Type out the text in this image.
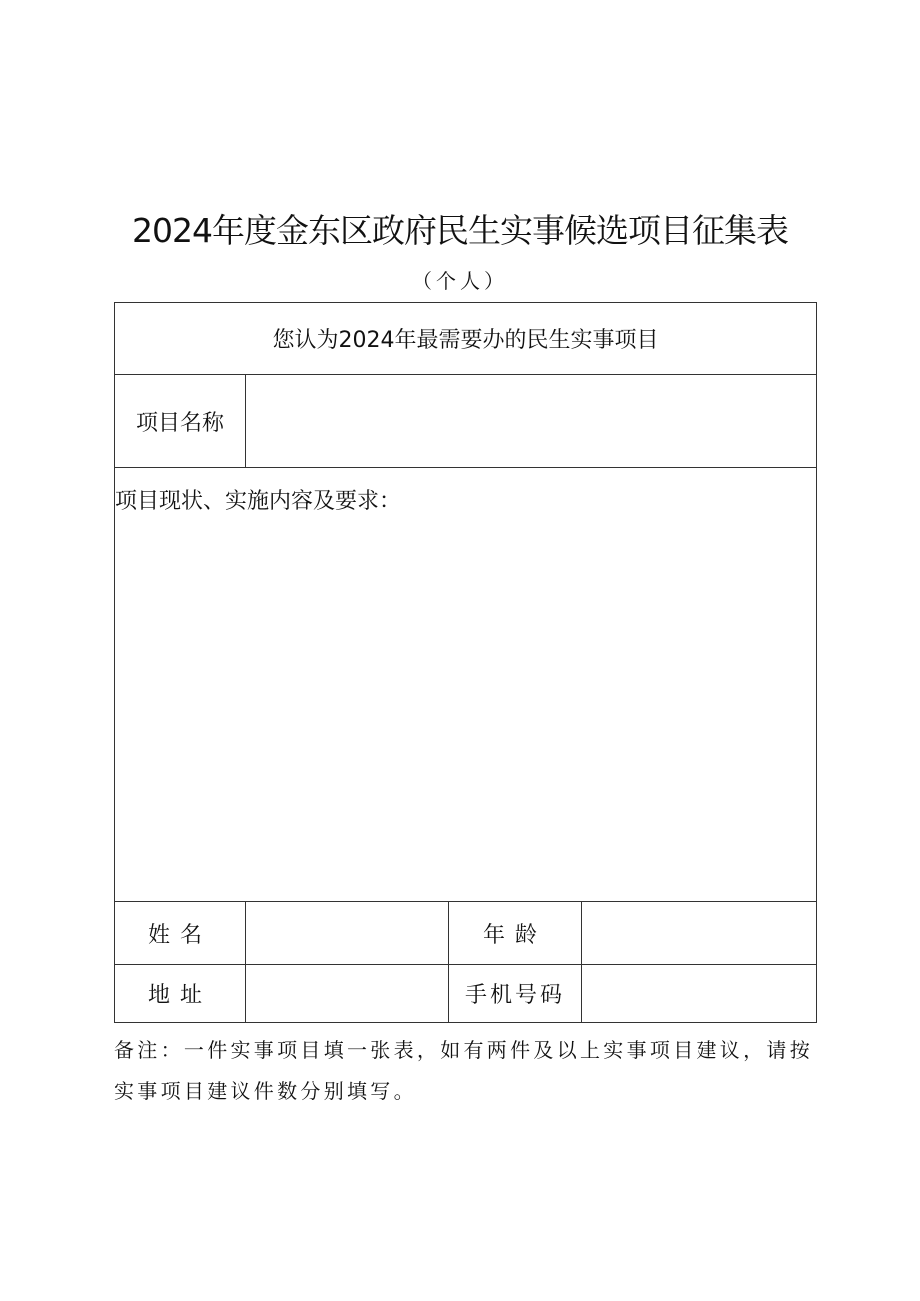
2024年度金东区政府民生实事候选项目征集表
（个人）
您认为2024年最需要办的民生实事项目			
项目名称			

项目现状、实施内容及要求：			

姓名		年龄	
地址		手机号码	
备注：一件实事项目填一张表，如有两件及以上实事项目建议，请按
实事项目建议件数分别填写。
